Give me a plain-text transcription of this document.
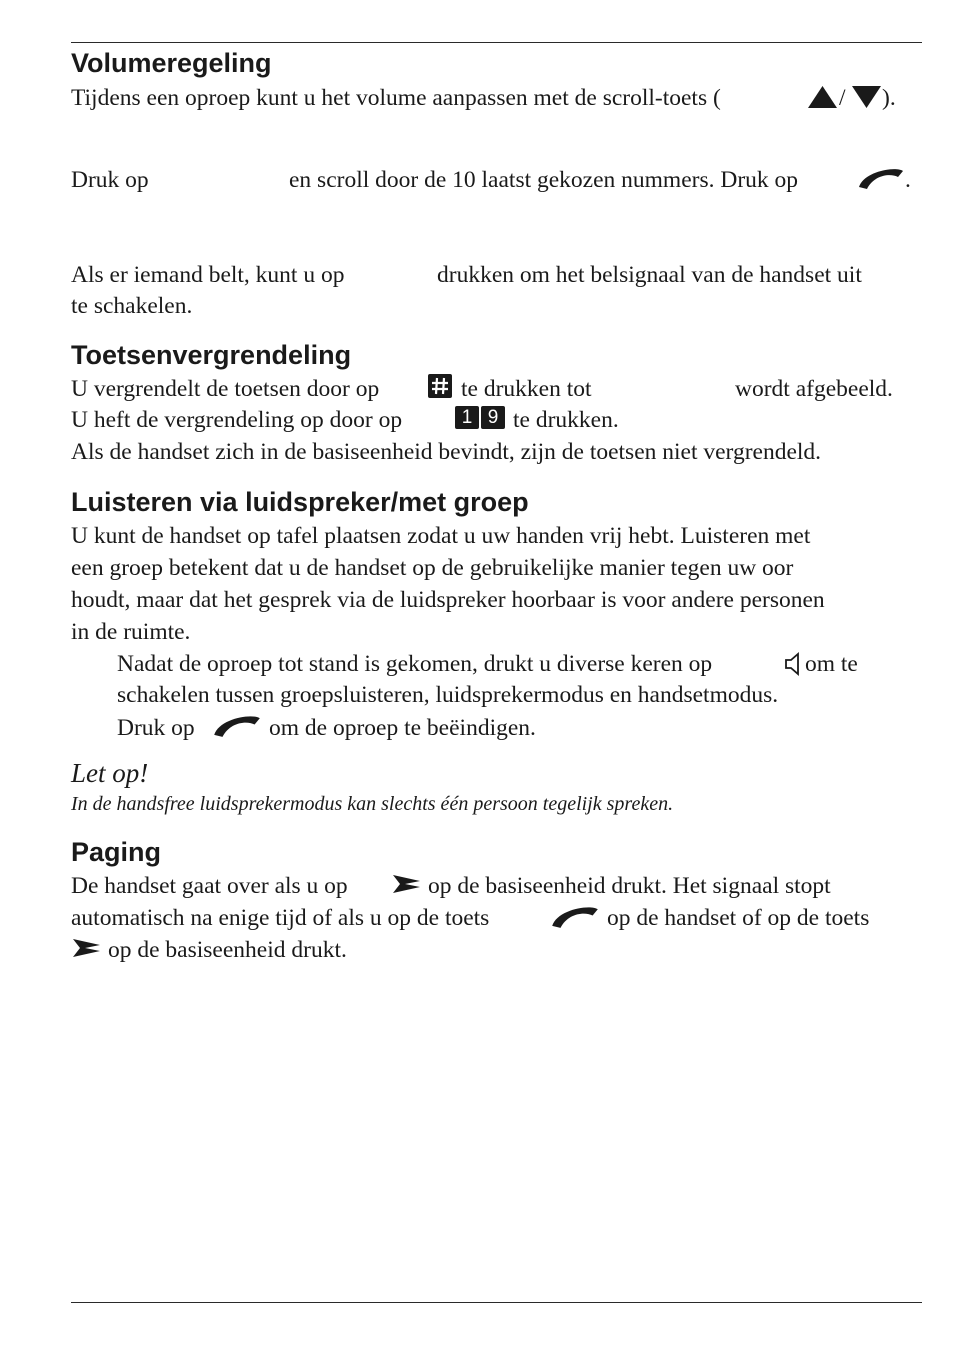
Volumeregeling
Tijdens een oproep kunt u het volume aanpassen met de scroll-toets (	/ ).
Druk op	en scroll door de 10 laatst gekozen nummers. Druk op	.
Als er iemand belt, kunt u op	drukken om het belsignaal van de handset uit
te schakelen.
Toetsenvergrendeling
U vergrendelt de toetsen door op	te drukken tot	wordt afgebeeld.
U heft de vergrendeling op door op	1 9 te drukken.
Als de handset zich in de basiseenheid bevindt, zijn de toetsen niet vergrendeld.
Luisteren via luidspreker/met groep
U kunt de handset op tafel plaatsen zodat u uw handen vrij hebt. Luisteren met
een groep betekent dat u de handset op de gebruikelijke manier tegen uw oor
houdt, maar dat het gesprek via de luidspreker hoorbaar is voor andere personen
in de ruimte.
Nadat de oproep tot stand is gekomen, drukt u diverse keren op	om te
schakelen tussen groepsluisteren, luidsprekermodus en handsetmodus.
Druk op	om de oproep te beëindigen.
Let op!
In de handsfree luidsprekermodus kan slechts één persoon tegelijk spreken.
Paging
De handset gaat over als u op	op de basiseenheid drukt. Het signaal stopt
automatisch na enige tijd of als u op de toets	op de handset of op de toets
op de basiseenheid drukt.
